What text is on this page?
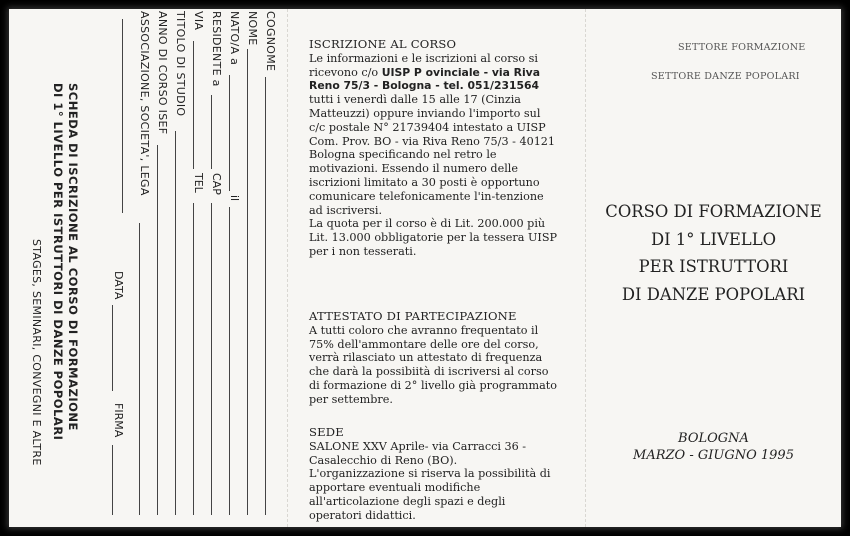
COGNOME
NOME
NATO/A a
il
RESIDENTE a
CAP
VIA
TEL
TITOLO DI STUDIO
ANNO DI CORSO ISEF
ASSOCIAZIONE, SOCIETA', LEGA
DATA
FIRMA
SCHEDA DI ISCRIZIONE AL CORSO DI FORMAZIONE
DI 1° LIVELLO PER ISTRUTTORI DI DANZE POPOLARI
STAGES, SEMINARI, CONVEGNI E ALTRE

ISCRIZIONE AL CORSO

Le informazioni e le iscrizioni al corso si ricevono c/o UISP P ovinciale - via Riva Reno 75/3 - Bologna - tel. 051/231564 tutti i venerdì dalle 15 alle 17 (Cinzia Matteuzzi) oppure inviando l'importo sul c/c postale N° 21739404 intestato a UISP Com. Prov. BO - via Riva Reno 75/3 - 40121 Bologna specificando nel retro le motivazioni. Essendo il numero delle iscrizioni limitato a 30 posti è opportuno comunicare telefonicamente l'in-tenzione ad iscriversi.

La quota per il corso è di Lit. 200.000 più Lit. 13.000 obbligatorie per la tessera UISP per i non tesserati.

ATTESTATO DI PARTECIPAZIONE

A tutti coloro che avranno frequentato il 75% dell'ammontare delle ore del corso, verrà rilasciato un attestato di frequenza che darà la possibiità di iscriversi al corso di formazione di 2° livello già programmato per settembre.

SEDE

SALONE XXV Aprile- via Carracci 36 - Casalecchio di Reno (BO).

L'organizzazione si riserva la possibilità di apportare eventuali modifiche all'articolazione degli spazi e degli operatori didattici.

SETTORE FORMAZIONE
SETTORE DANZE POPOLARI
CORSO DI FORMAZIONE
DI 1° LIVELLO
PER ISTRUTTORI
DI DANZE POPOLARI
BOLOGNA
MARZO - GIUGNO 1995
